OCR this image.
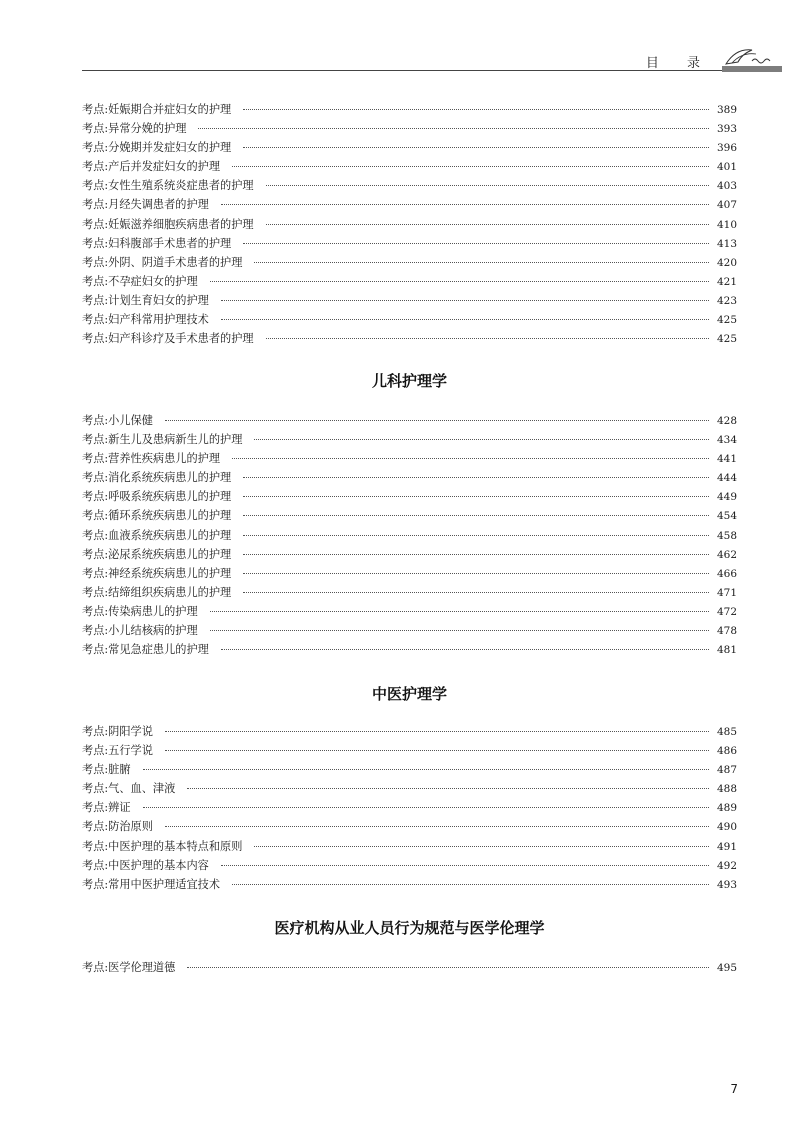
目 录
考点:妊娠期合并症妇女的护理	389
考点:异常分娩的护理	393
考点:分娩期并发症妇女的护理	396
考点:产后并发症妇女的护理	401
考点:女性生殖系统炎症患者的护理	403
考点:月经失调患者的护理	407
考点:妊娠滋养细胞疾病患者的护理	410
考点:妇科腹部手术患者的护理	413
考点:外阴、阴道手术患者的护理	420
考点:不孕症妇女的护理	421
考点:计划生育妇女的护理	423
考点:妇产科常用护理技术	425
考点:妇产科诊疗及手术患者的护理	425
儿科护理学
考点:小儿保健	428
考点:新生儿及患病新生儿的护理	434
考点:营养性疾病患儿的护理	441
考点:消化系统疾病患儿的护理	444
考点:呼吸系统疾病患儿的护理	449
考点:循环系统疾病患儿的护理	454
考点:血液系统疾病患儿的护理	458
考点:泌尿系统疾病患儿的护理	462
考点:神经系统疾病患儿的护理	466
考点:结缔组织疾病患儿的护理	471
考点:传染病患儿的护理	472
考点:小儿结核病的护理	478
考点:常见急症患儿的护理	481
中医护理学
考点:阴阳学说	485
考点:五行学说	486
考点:脏腑	487
考点:气、血、津液	488
考点:辨证	489
考点:防治原则	490
考点:中医护理的基本特点和原则	491
考点:中医护理的基本内容	492
考点:常用中医护理适宜技术	493
医疗机构从业人员行为规范与医学伦理学
考点:医学伦理道德	495
7
